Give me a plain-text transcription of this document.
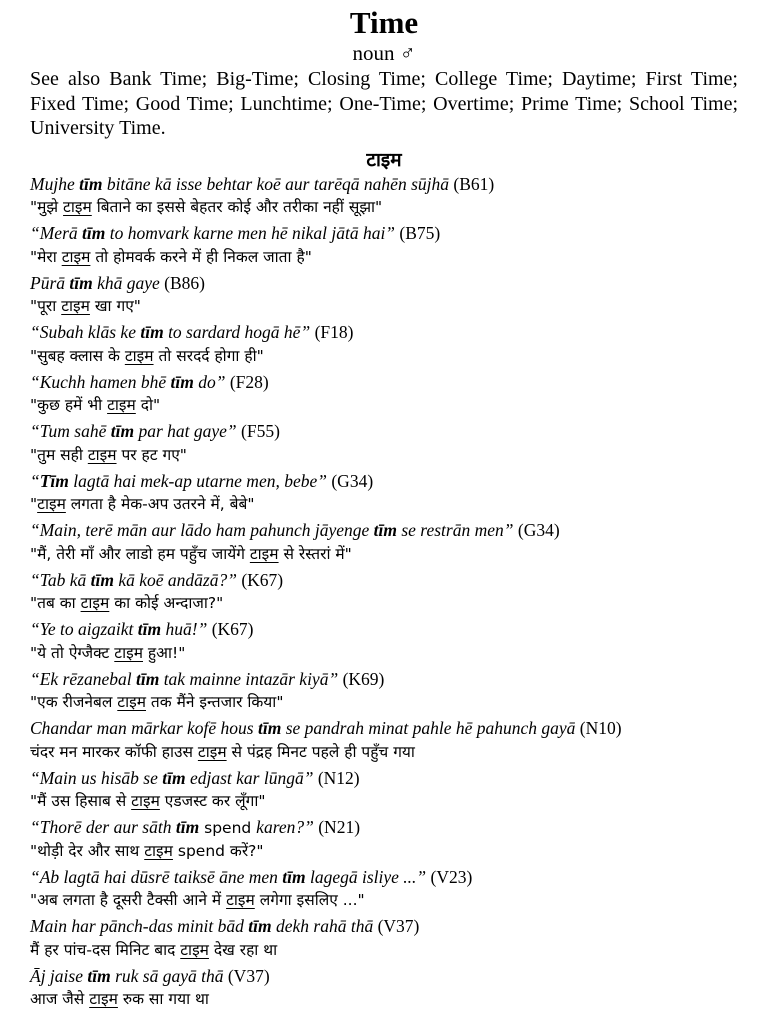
Time
noun ♂
See also Bank Time; Big-Time; Closing Time; College Time; Daytime; First Time; Fixed Time; Good Time; Lunchtime; One-Time; Overtime; Prime Time; School Time; University Time.
टाइम
Mujhe tīm bitāne kā isse behtar koē aur tarēqā nahēn sūjhā (B61)
"मुझे टाइम बिताने का इससे बेहतर कोई और तरीका नहीं सूझा"
“Merā tīm to homvark karne men hē nikal jātā hai” (B75)
"मेरा टाइम तो होमवर्क करने में ही निकल जाता है"
Pūrā tīm khā gaye (B86)
"पूरा टाइम खा गए"
“Subah klās ke tīm to sardard hogā hē” (F18)
"सुबह क्लास के टाइम तो सरदर्द होगा ही"
“Kuchh hamen bhē tīm do” (F28)
"कुछ हमें भी टाइम दो"
“Tum sahē tīm par hat gaye” (F55)
"तुम सही टाइम पर हट गए"
“Tīm lagtā hai mek-ap utarne men, bebe” (G34)
"टाइम लगता है मेक-अप उतरने में, बेबे"
“Main, terē mān aur lādo ham pahunch jāyenge tīm se restrān men” (G34)
"मैं, तेरी माँ और लाडो हम पहुँच जायेंगे टाइम से रेस्तरां में"
“Tab kā tīm kā koē andāzā?” (K67)
"तब का टाइम का कोई अन्दाजा?"
“Ye to aigzaikt tīm huā!” (K67)
"ये तो ऐग्जैक्ट टाइम हुआ!"
“Ek rēzanebal tīm tak mainne intazār kiyā” (K69)
"एक रीजनेबल टाइम तक मैंने इन्तजार किया"
Chandar man mārkar kofē hous tīm se pandrah minat pahle hē pahunch gayā (N10)
चंदर मन मारकर कॉफी हाउस टाइम से पंद्रह मिनट पहले ही पहुँच गया
“Main us hisāb se tīm edjast kar lūngā” (N12)
"मैं उस हिसाब से टाइम एडजस्ट कर लूँगा"
“Thorē der aur sāth tīm spend karen?” (N21)
"थोड़ी देर और साथ टाइम spend करें?"
“Ab lagtā hai dūsrē taiksē āne men tīm lagegā isliye ...” (V23)
"अब लगता है दूसरी टैक्सी आने में टाइम लगेगा इसलिए ..."
Main har pānch-das minit bād tīm dekh rahā thā (V37)
मैं हर पांच-दस मिनिट बाद टाइम देख रहा था
Āj jaise tīm ruk sā gayā thā (V37)
आज जैसे टाइम रुक सा गया था
